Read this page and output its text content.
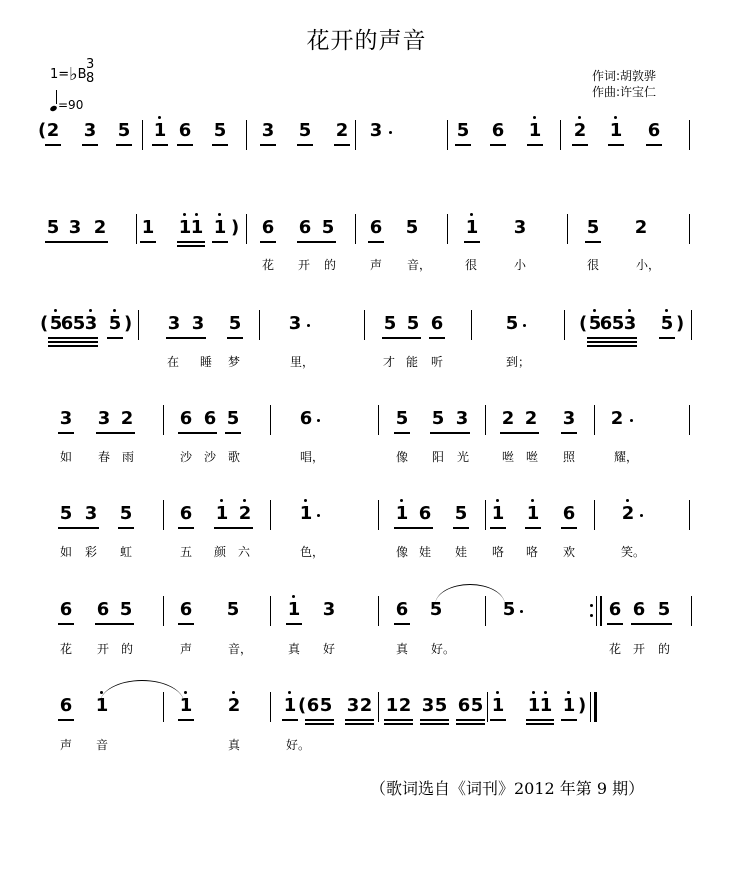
花开的声音
1=♭B
3
8
=90
作词:胡敦骅
作曲:许宝仁
( 2 3 5 1 6 5 3 5 2 3	5 6 1 2 1 6
5 3 2 1 1 1 1 ) 6 6 5 6 5	1 3	5 2
花 开 的	声 音，	很	小	很	小，
( 5
6 5 3 5 ) 3 3 5	3	5 5 6	5	( 5
6 5 3 5 )
在 睡 梦	里，	才 能 听	到；
3 3 2	6 6 5	6	5 5 3 2 2 3 2
如 春 雨	沙 沙 歌	唱，	像 阳 光	咝 咝 照	耀，
5 3 5	6 1 2	1	1 6 5 1 1 6	2
如 彩 虹	五 颜 六	色，	像 娃 娃 咯 咯 欢	笑。
6 6 5	6 5	1 3	6 5	5	6 6 5
花 开 的	声	音，	真 好	真 好。	花 开 的
6 1	1 2 1 ( 6 5 3 2 1 2 3 5 6 5 1 1 1 1 )
声 音	真	好。
（歌词选自《词刊》2012 年第 9 期）
